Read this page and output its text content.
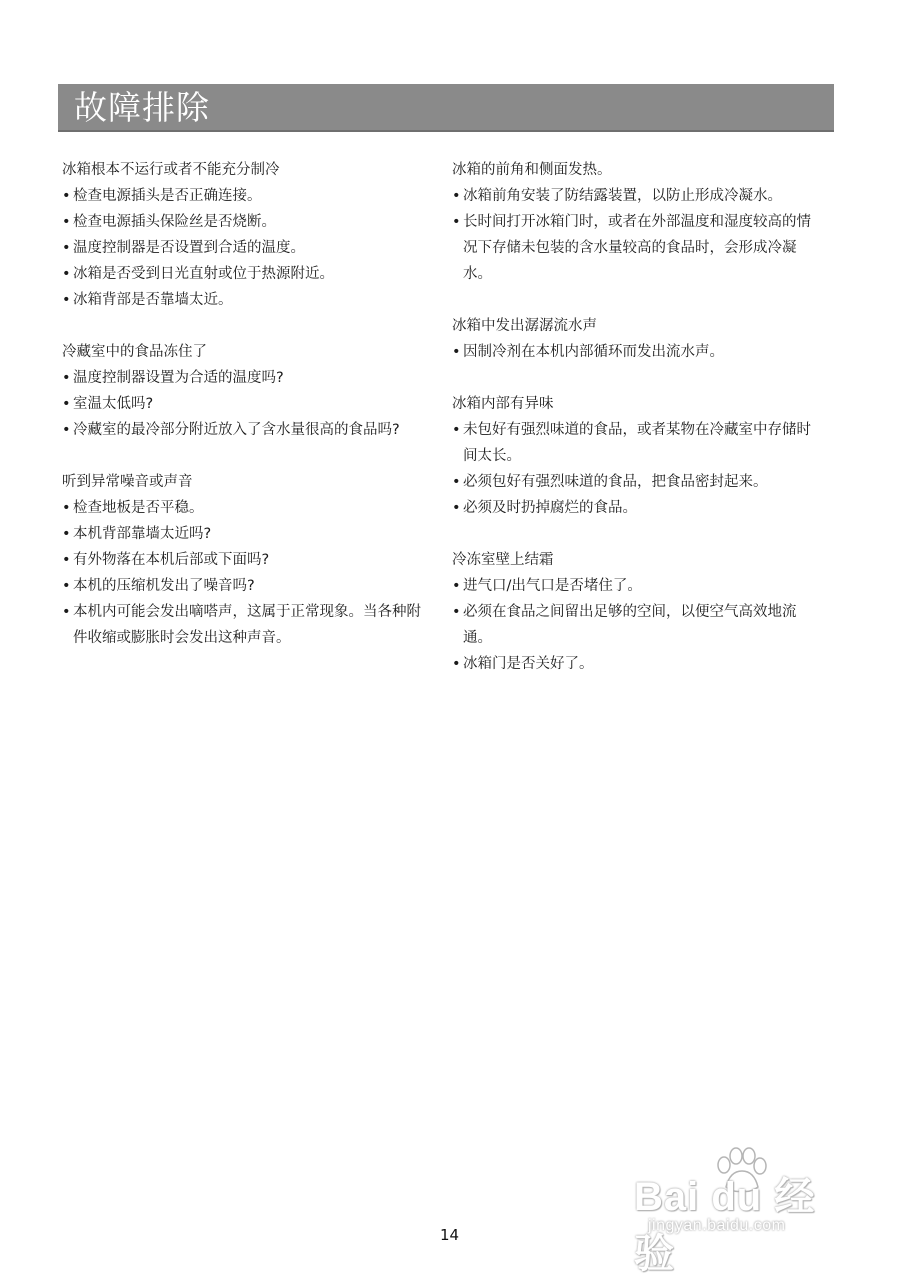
故障排除
冰箱根本不运行或者不能充分制冷
• 检查电源插头是否正确连接。
• 检查电源插头保险丝是否烧断。
• 温度控制器是否设置到合适的温度。
• 冰箱是否受到日光直射或位于热源附近。
• 冰箱背部是否靠墙太近。
冷藏室中的食品冻住了
• 温度控制器设置为合适的温度吗?
• 室温太低吗?
• 冷藏室的最冷部分附近放入了含水量很高的食品吗?
听到异常噪音或声音
• 检查地板是否平稳。
• 本机背部靠墙太近吗?
• 有外物落在本机后部或下面吗?
• 本机的压缩机发出了噪音吗?
• 本机内可能会发出嘀嗒声，这属于正常现象。当各种附件收缩或膨胀时会发出这种声音。
冰箱的前角和侧面发热。
• 冰箱前角安装了防结露装置，以防止形成冷凝水。
• 长时间打开冰箱门时，或者在外部温度和湿度较高的情况下存储未包装的含水量较高的食品时，会形成冷凝水。
冰箱中发出潺潺流水声
• 因制冷剂在本机内部循环而发出流水声。
冰箱内部有异味
• 未包好有强烈味道的食品，或者某物在冷藏室中存储时间太长。
• 必须包好有强烈味道的食品，把食品密封起来。
• 必须及时扔掉腐烂的食品。
冷冻室壁上结霜
• 进气口/出气口是否堵住了。
• 必须在食品之间留出足够的空间，以便空气高效地流通。
• 冰箱门是否关好了。
14
Bai du 经验
jingyan.baidu.com
